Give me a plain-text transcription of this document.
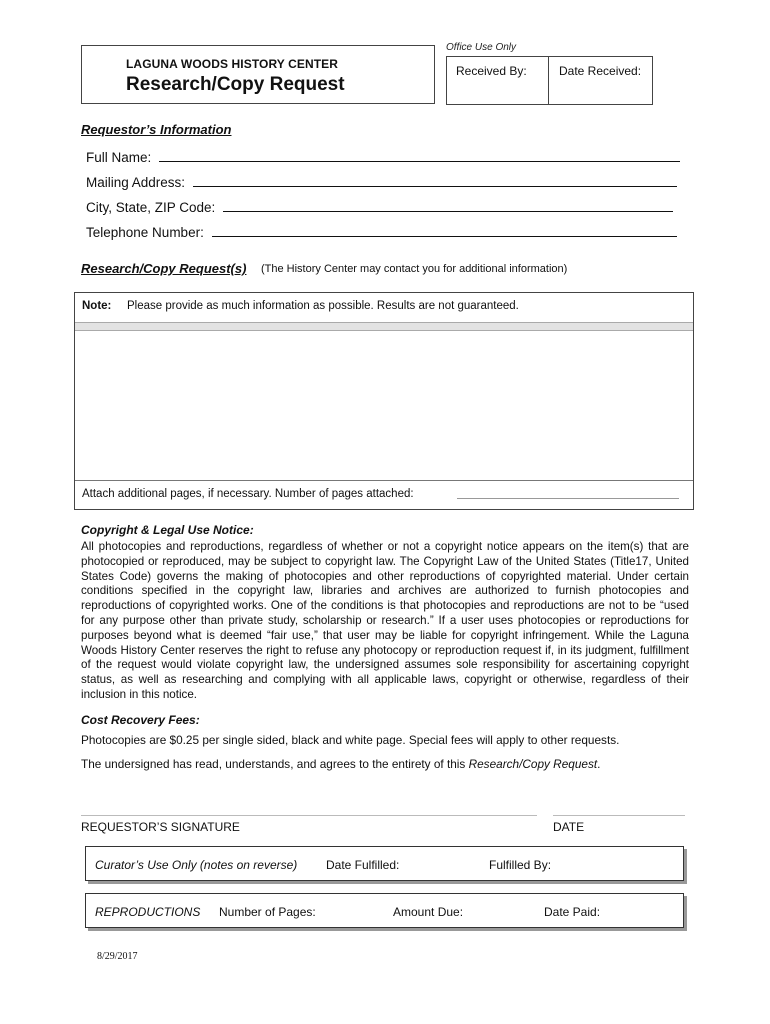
LAGUNA WOODS HISTORY CENTER
Research/Copy Request
Office Use Only
Received By:	Date Received:
Requestor’s Information
Full Name:
Mailing Address:
City, State, ZIP Code:
Telephone Number:
Research/Copy Request(s) (The History Center may contact you for additional information)
Note: Please provide as much information as possible. Results are not guaranteed.
Attach additional pages, if necessary. Number of pages attached:
Copyright & Legal Use Notice:
All photocopies and reproductions, regardless of whether or not a copyright notice appears on the item(s) that are photocopied or reproduced, may be subject to copyright law. The Copyright Law of the United States (Title17, United States Code) governs the making of photocopies and other reproductions of copyrighted material. Under certain conditions specified in the copyright law, libraries and archives are authorized to furnish photocopies and reproductions of copyrighted works. One of the conditions is that photocopies and reproductions are not to be “used for any purpose other than private study, scholarship or research.” If a user uses photocopies or reproductions for purposes beyond what is deemed “fair use,” that user may be liable for copyright infringement. While the Laguna Woods History Center reserves the right to refuse any photocopy or reproduction request if, in its judgment, fulfillment of the request would violate copyright law, the undersigned assumes sole responsibility for ascertaining copyright status, as well as researching and complying with all applicable laws, copyright or otherwise, regardless of their inclusion in this notice.
Cost Recovery Fees:
Photocopies are $0.25 per single sided, black and white page. Special fees will apply to other requests.
The undersigned has read, understands, and agrees to the entirety of this Research/Copy Request.
REQUESTOR’S SIGNATURE	DATE
Curator’s Use Only (notes on reverse) Date Fulfilled:	Fulfilled By:
REPRODUCTIONS Number of Pages:	Amount Due:	Date Paid:
8/29/2017
